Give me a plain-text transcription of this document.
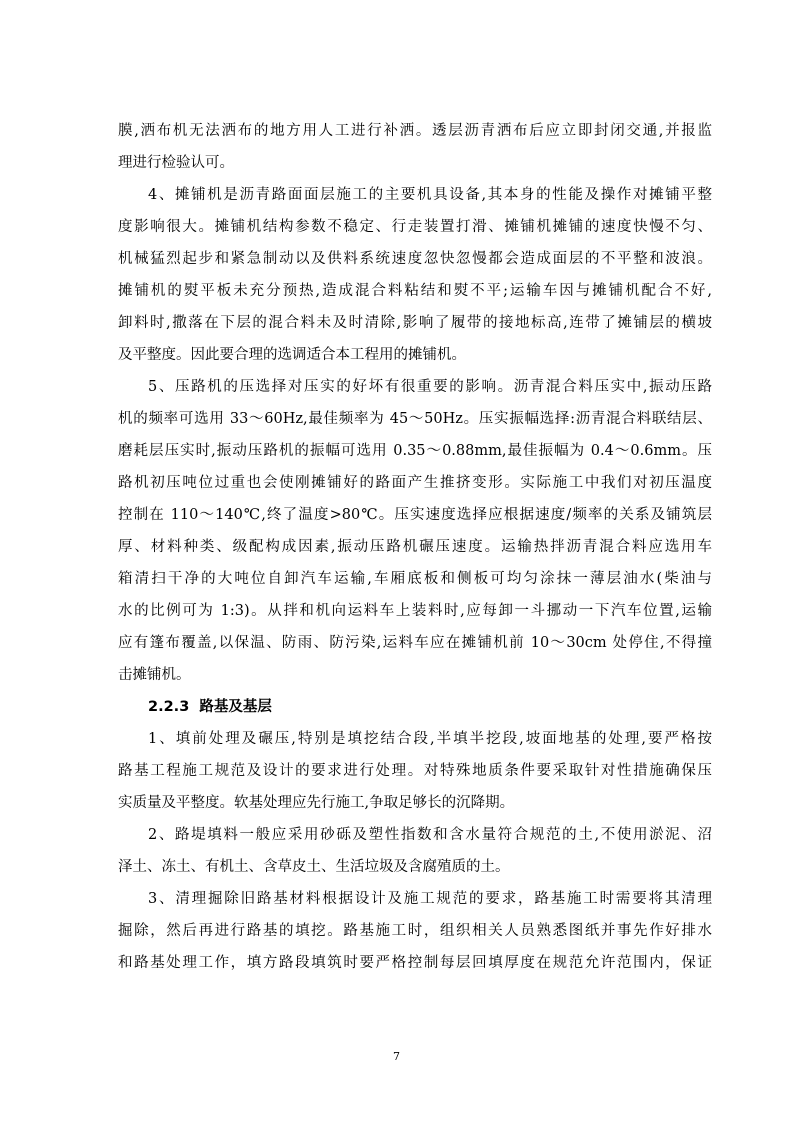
膜,洒布机无法洒布的地方用人工进行补洒。透层沥青洒布后应立即封闭交通,并报监
理进行检验认可。
4、摊铺机是沥青路面面层施工的主要机具设备,其本身的性能及操作对摊铺平整
度影响很大。摊铺机结构参数不稳定、行走装置打滑、摊铺机摊铺的速度快慢不匀、
机械猛烈起步和紧急制动以及供料系统速度忽快忽慢都会造成面层的不平整和波浪。
摊铺机的熨平板未充分预热,造成混合料粘结和熨不平;运输车因与摊铺机配合不好,
卸料时,撒落在下层的混合料未及时清除,影响了履带的接地标高,连带了摊铺层的横坡
及平整度。因此要合理的选调适合本工程用的摊铺机。
5、压路机的压选择对压实的好坏有很重要的影响。沥青混合料压实中,振动压路
机的频率可选用 33～60Hz,最佳频率为 45～50Hz。压实振幅选择:沥青混合料联结层、
磨耗层压实时,振动压路机的振幅可选用 0.35～0.88mm,最佳振幅为 0.4～0.6mm。压
路机初压吨位过重也会使刚摊铺好的路面产生推挤变形。实际施工中我们对初压温度
控制在 110～140℃,终了温度>80℃。压实速度选择应根据速度/频率的关系及铺筑层
厚、材料种类、级配构成因素,振动压路机碾压速度。运输热拌沥青混合料应选用车
箱清扫干净的大吨位自卸汽车运输,车厢底板和侧板可均匀涂抹一薄层油水(柴油与
水的比例可为 1:3)。从拌和机向运料车上装料时,应每卸一斗挪动一下汽车位置,运输
应有篷布覆盖,以保温、防雨、防污染,运料车应在摊铺机前 10～30cm 处停住,不得撞
击摊铺机。
2.2.3 路基及基层
1、填前处理及碾压,特别是填挖结合段,半填半挖段,坡面地基的处理,要严格按
路基工程施工规范及设计的要求进行处理。对特殊地质条件要采取针对性措施确保压
实质量及平整度。软基处理应先行施工,争取足够长的沉降期。
2、路堤填料一般应采用砂砾及塑性指数和含水量符合规范的土,不使用淤泥、沼
泽土、冻土、有机土、含草皮土、生活垃圾及含腐殖质的土。
3、清理掘除旧路基材料根据设计及施工规范的要求，路基施工时需要将其清理
掘除，然后再进行路基的填挖。路基施工时，组织相关人员熟悉图纸并事先作好排水
和路基处理工作，填方路段填筑时要严格控制每层回填厚度在规范允许范围内，保证
7
